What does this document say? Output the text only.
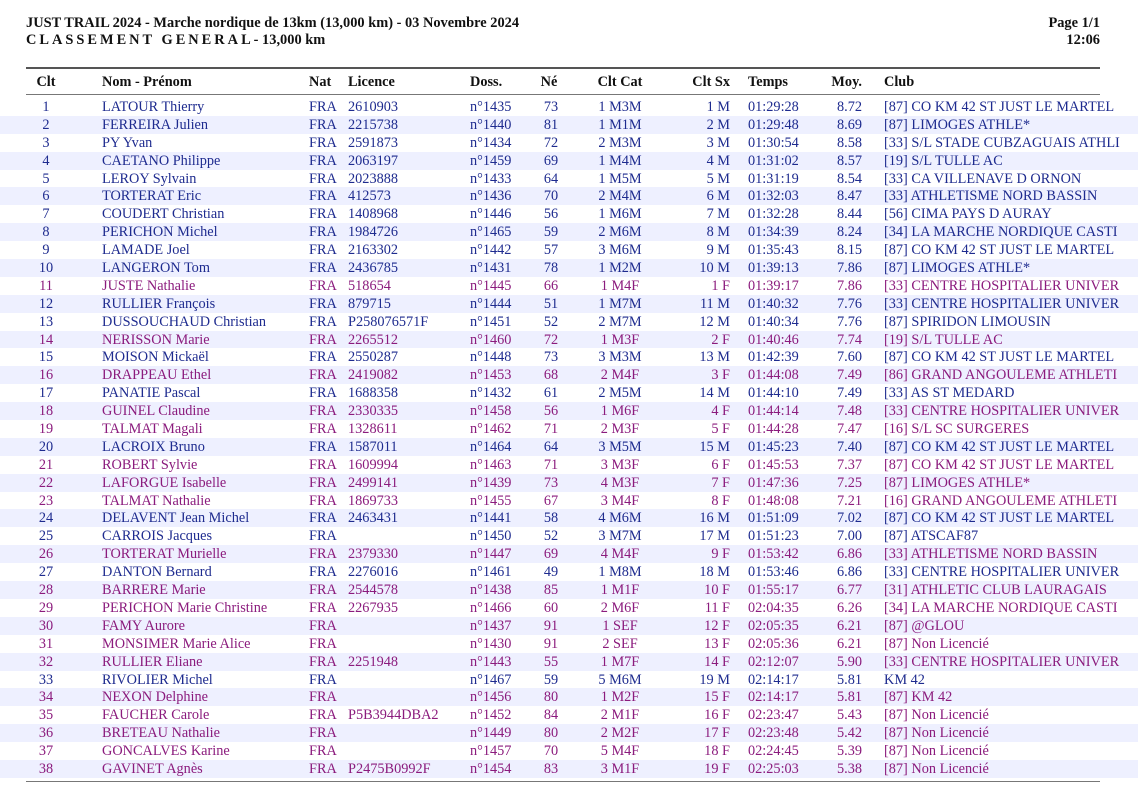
JUST TRAIL 2024 - Marche nordique de 13km (13,000 km) - 03 Novembre 2024
CLASSEMENT GENERAL- 13,000 km
Page 1/1
12:06
Clt	Nom - Prénom	Nat Licence	Doss.	Né	Clt Cat	Clt Sx Temps	Moy. Club
1	LATOUR Thierry	FRA 2610903	n°1435	73	1 M3M	1 M 01:29:28	8.72 [87] CO KM 42 ST JUST LE MARTEL
2	FERREIRA Julien	FRA 2215738	n°1440	81	1 M1M	2 M 01:29:48	8.69 [87] LIMOGES ATHLE*
3	PY Yvan	FRA 2591873	n°1434	72	2 M3M	3 M 01:30:54	8.58 [33] S/L STADE CUBZAGUAIS ATHLI
4	CAETANO Philippe	FRA 2063197	n°1459	69	1 M4M	4 M 01:31:02	8.57 [19] S/L TULLE AC
5	LEROY Sylvain	FRA 2023888	n°1433	64	1 M5M	5 M 01:31:19	8.54 [33] CA VILLENAVE D ORNON
6	TORTERAT Eric	FRA 412573	n°1436	70	2 M4M	6 M 01:32:03	8.47 [33] ATHLETISME NORD BASSIN
7	COUDERT Christian	FRA 1408968	n°1446	56	1 M6M	7 M 01:32:28	8.44 [56] CIMA PAYS D AURAY
8	PERICHON Michel	FRA 1984726	n°1465	59	2 M6M	8 M 01:34:39	8.24 [34] LA MARCHE NORDIQUE CASTI
9	LAMADE Joel	FRA 2163302	n°1442	57	3 M6M	9 M 01:35:43	8.15 [87] CO KM 42 ST JUST LE MARTEL
10	LANGERON Tom	FRA 2436785	n°1431	78	1 M2M	10 M 01:39:13	7.86 [87] LIMOGES ATHLE*
11	JUSTE Nathalie	FRA 518654	n°1445	66	1 M4F	1 F 01:39:17	7.86 [33] CENTRE HOSPITALIER UNIVER
12	RULLIER François	FRA 879715	n°1444	51	1 M7M	11 M 01:40:32	7.76 [33] CENTRE HOSPITALIER UNIVER
13	DUSSOUCHAUD Christian	FRA P258076571F	n°1451	52	2 M7M	12 M 01:40:34	7.76 [87] SPIRIDON LIMOUSIN
14	NERISSON Marie	FRA 2265512	n°1460	72	1 M3F	2 F 01:40:46	7.74 [19] S/L TULLE AC
15	MOISON Mickaël	FRA 2550287	n°1448	73	3 M3M	13 M 01:42:39	7.60 [87] CO KM 42 ST JUST LE MARTEL
16	DRAPPEAU Ethel	FRA 2419082	n°1453	68	2 M4F	3 F 01:44:08	7.49 [86] GRAND ANGOULEME ATHLETI
17	PANATIE Pascal	FRA 1688358	n°1432	61	2 M5M	14 M 01:44:10	7.49 [33] AS ST MEDARD
18	GUINEL Claudine	FRA 2330335	n°1458	56	1 M6F	4 F 01:44:14	7.48 [33] CENTRE HOSPITALIER UNIVER
19	TALMAT Magali	FRA 1328611	n°1462	71	2 M3F	5 F 01:44:28	7.47 [16] S/L SC SURGERES
20	LACROIX Bruno	FRA 1587011	n°1464	64	3 M5M	15 M 01:45:23	7.40 [87] CO KM 42 ST JUST LE MARTEL
21	ROBERT Sylvie	FRA 1609994	n°1463	71	3 M3F	6 F 01:45:53	7.37 [87] CO KM 42 ST JUST LE MARTEL
22	LAFORGUE Isabelle	FRA 2499141	n°1439	73	4 M3F	7 F 01:47:36	7.25 [87] LIMOGES ATHLE*
23	TALMAT Nathalie	FRA 1869733	n°1455	67	3 M4F	8 F 01:48:08	7.21 [16] GRAND ANGOULEME ATHLETI
24	DELAVENT Jean Michel	FRA 2463431	n°1441	58	4 M6M	16 M 01:51:09	7.02 [87] CO KM 42 ST JUST LE MARTEL
25	CARROIS Jacques	FRA	n°1450	52	3 M7M	17 M 01:51:23	7.00 [87] ATSCAF87
26	TORTERAT Murielle	FRA 2379330	n°1447	69	4 M4F	9 F 01:53:42	6.86 [33] ATHLETISME NORD BASSIN
27	DANTON Bernard	FRA 2276016	n°1461	49	1 M8M	18 M 01:53:46	6.86 [33] CENTRE HOSPITALIER UNIVER
28	BARRERE Marie	FRA 2544578	n°1438	85	1 M1F	10 F 01:55:17	6.77 [31] ATHLETIC CLUB LAURAGAIS
29	PERICHON Marie Christine	FRA 2267935	n°1466	60	2 M6F	11 F 02:04:35	6.26 [34] LA MARCHE NORDIQUE CASTI
30	FAMY Aurore	FRA	n°1437	91	1 SEF	12 F 02:05:35	6.21 [87] @GLOU
31	MONSIMER Marie Alice	FRA	n°1430	91	2 SEF	13 F 02:05:36	6.21 [87] Non Licencié
32	RULLIER Eliane	FRA 2251948	n°1443	55	1 M7F	14 F 02:12:07	5.90 [33] CENTRE HOSPITALIER UNIVER
33	RIVOLIER Michel	FRA	n°1467	59	5 M6M	19 M 02:14:17	5.81 KM 42
34	NEXON Delphine	FRA	n°1456	80	1 M2F	15 F 02:14:17	5.81 [87] KM 42
35	FAUCHER Carole	FRA P5B3944DBA2 n°1452	84	2 M1F	16 F 02:23:47	5.43 [87] Non Licencié
36	BRETEAU Nathalie	FRA	n°1449	80	2 M2F	17 F 02:23:48	5.42 [87] Non Licencié
37	GONCALVES Karine	FRA	n°1457	70	5 M4F	18 F 02:24:45	5.39 [87] Non Licencié
38	GAVINET Agnès	FRA P2475B0992F	n°1454	83	3 M1F	19 F 02:25:03	5.38 [87] Non Licencié
